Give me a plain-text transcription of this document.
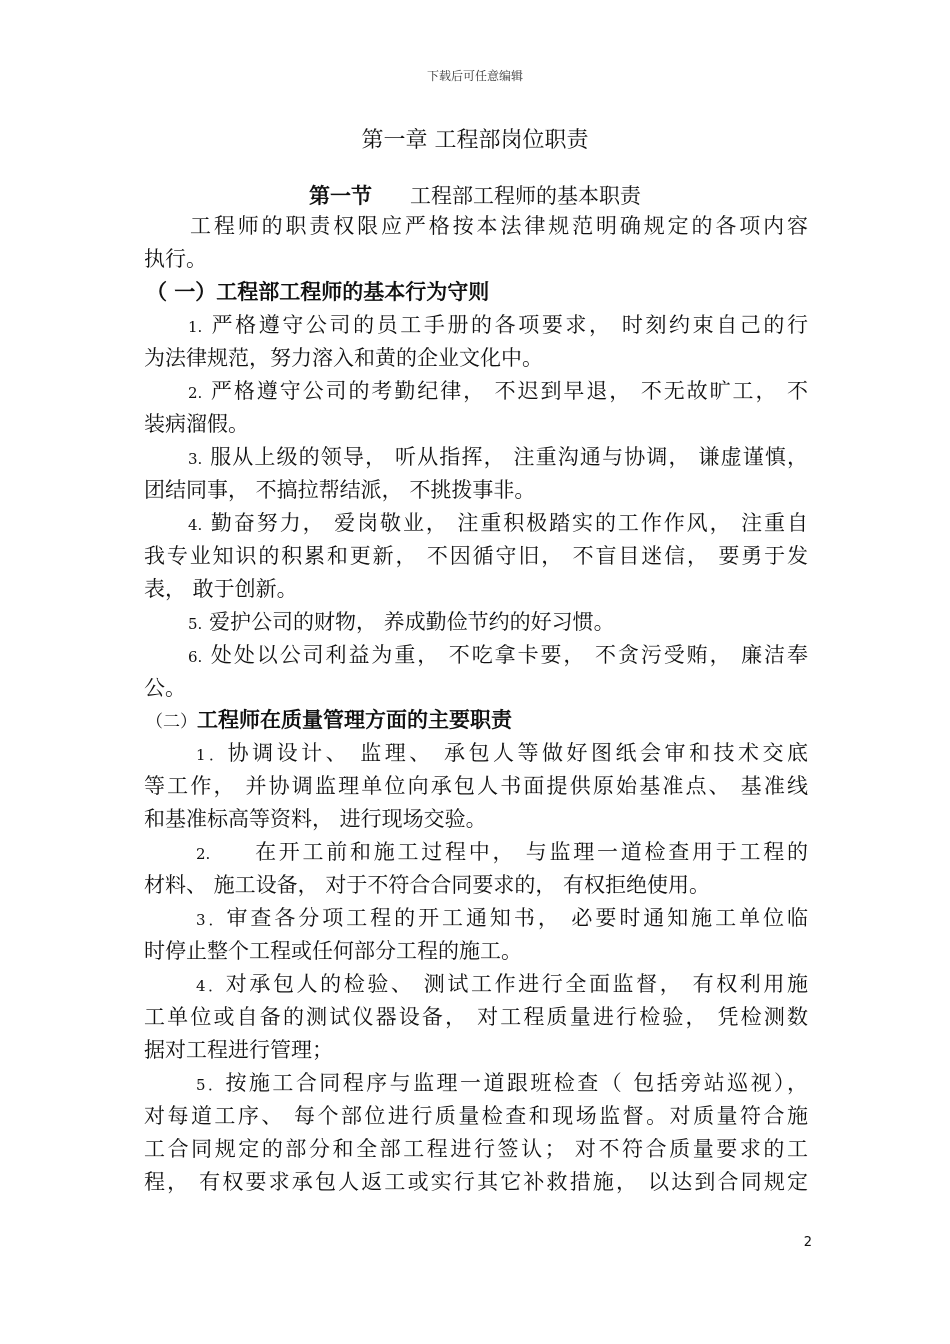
下载后可任意编辑
第一章 工程部岗位职责
第一节 工程部工程师的基本职责
工程师的职责权限应严格按本法律规范明确规定的各项内容
执行。
（ 一）工程部工程师的基本行为守则
1. 严格遵守公司的员工手册的各项要求， 时刻约束自己的行
为法律规范，努力溶入和黄的企业文化中。
2. 严格遵守公司的考勤纪律， 不迟到早退， 不无故旷工， 不
装病溜假。
3. 服从上级的领导， 听从指挥， 注重沟通与协调， 谦虚谨慎，
团结同事， 不搞拉帮结派， 不挑拨事非。
4. 勤奋努力， 爱岗敬业， 注重积极踏实的工作作风， 注重自
我专业知识的积累和更新， 不因循守旧， 不盲目迷信， 要勇于发
表， 敢于创新。
5. 爱护公司的财物， 养成勤俭节约的好习惯。
6. 处处以公司利益为重， 不吃拿卡要， 不贪污受贿， 廉洁奉
公。
（二）工程师在质量管理方面的主要职责
1．协调设计、 监理、 承包人等做好图纸会审和技术交底
等工作， 并协调监理单位向承包人书面提供原始基准点、 基准线
和基准标高等资料， 进行现场交验。
2. 在开工前和施工过程中， 与监理一道检查用于工程的
材料、 施工设备， 对于不符合合同要求的， 有权拒绝使用。
3．审查各分项工程的开工通知书， 必要时通知施工单位临
时停止整个工程或任何部分工程的施工。
4．对承包人的检验、 测试工作进行全面监督， 有权利用施
工单位或自备的测试仪器设备， 对工程质量进行检验， 凭检测数
据对工程进行管理；
5．按施工合同程序与监理一道跟班检查（ 包括旁站巡视），
对每道工序、 每个部位进行质量检查和现场监督。对质量符合施
工合同规定的部分和全部工程进行签认； 对不符合质量要求的工
程， 有权要求承包人返工或实行其它补救措施， 以达到合同规定
2
